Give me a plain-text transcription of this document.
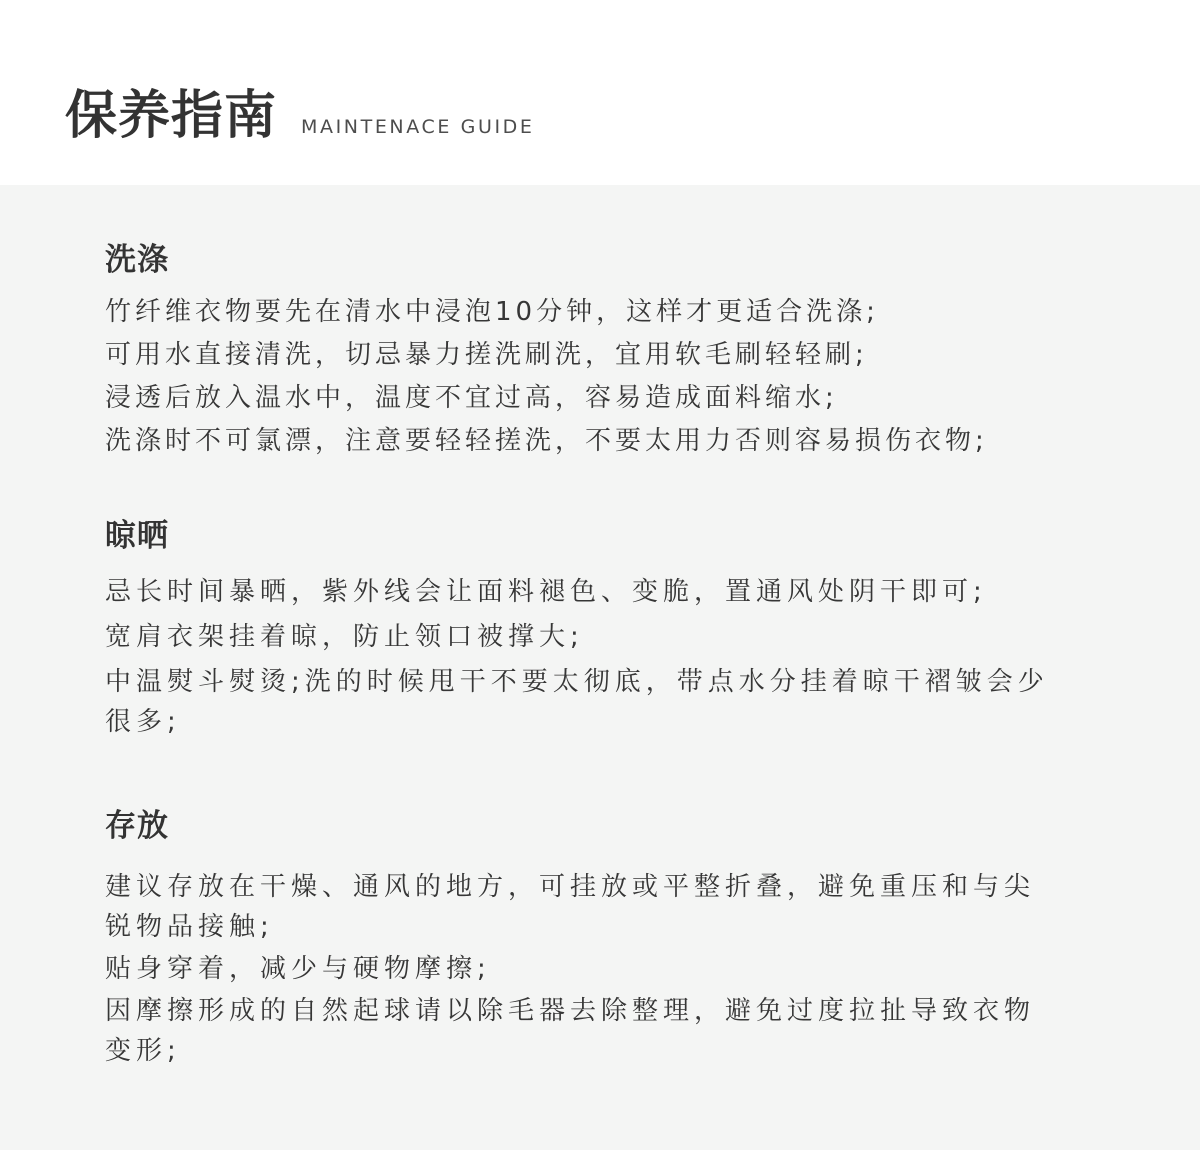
保养指南 MAINTENACE GUIDE
洗涤

竹纤维衣物要先在清水中浸泡10分钟，这样才更适合洗涤;

可用水直接清洗，切忌暴力搓洗刷洗，宜用软毛刷轻轻刷;

浸透后放入温水中，温度不宜过高，容易造成面料缩水;

洗涤时不可氯漂，注意要轻轻搓洗，不要太用力否则容易损伤衣物;

晾晒

忌长时间暴晒，紫外线会让面料褪色、变脆，置通风处阴干即可;

宽肩衣架挂着晾，防止领口被撑大;

中温熨斗熨烫;洗的时候甩干不要太彻底，带点水分挂着晾干褶皱会少很多;

存放

建议存放在干燥、通风的地方，可挂放或平整折叠，避免重压和与尖锐物品接触;

贴身穿着，减少与硬物摩擦;

因摩擦形成的自然起球请以除毛器去除整理，避免过度拉扯导致衣物变形;
